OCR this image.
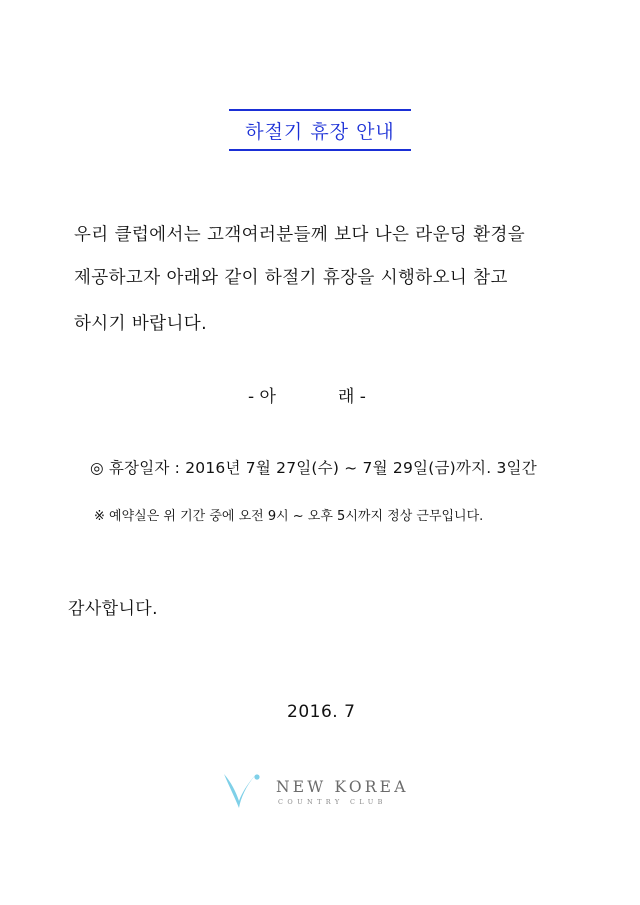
하절기 휴장 안내
우리 클럽에서는 고객여러분들께 보다 나은 라운딩 환경을
제공하고자 아래와 같이 하절기 휴장을 시행하오니 참고
하시기 바랍니다.
- 아	래 -
◎ 휴장일자 : 2016년 7월 27일(수) ~ 7월 29일(금)까지. 3일간
※ 예약실은 위 기간 중에 오전 9시 ~ 오후 5시까지 정상 근무입니다.
감사합니다.
2016. 7
NEW KOREA
COUNTRY CLUB
